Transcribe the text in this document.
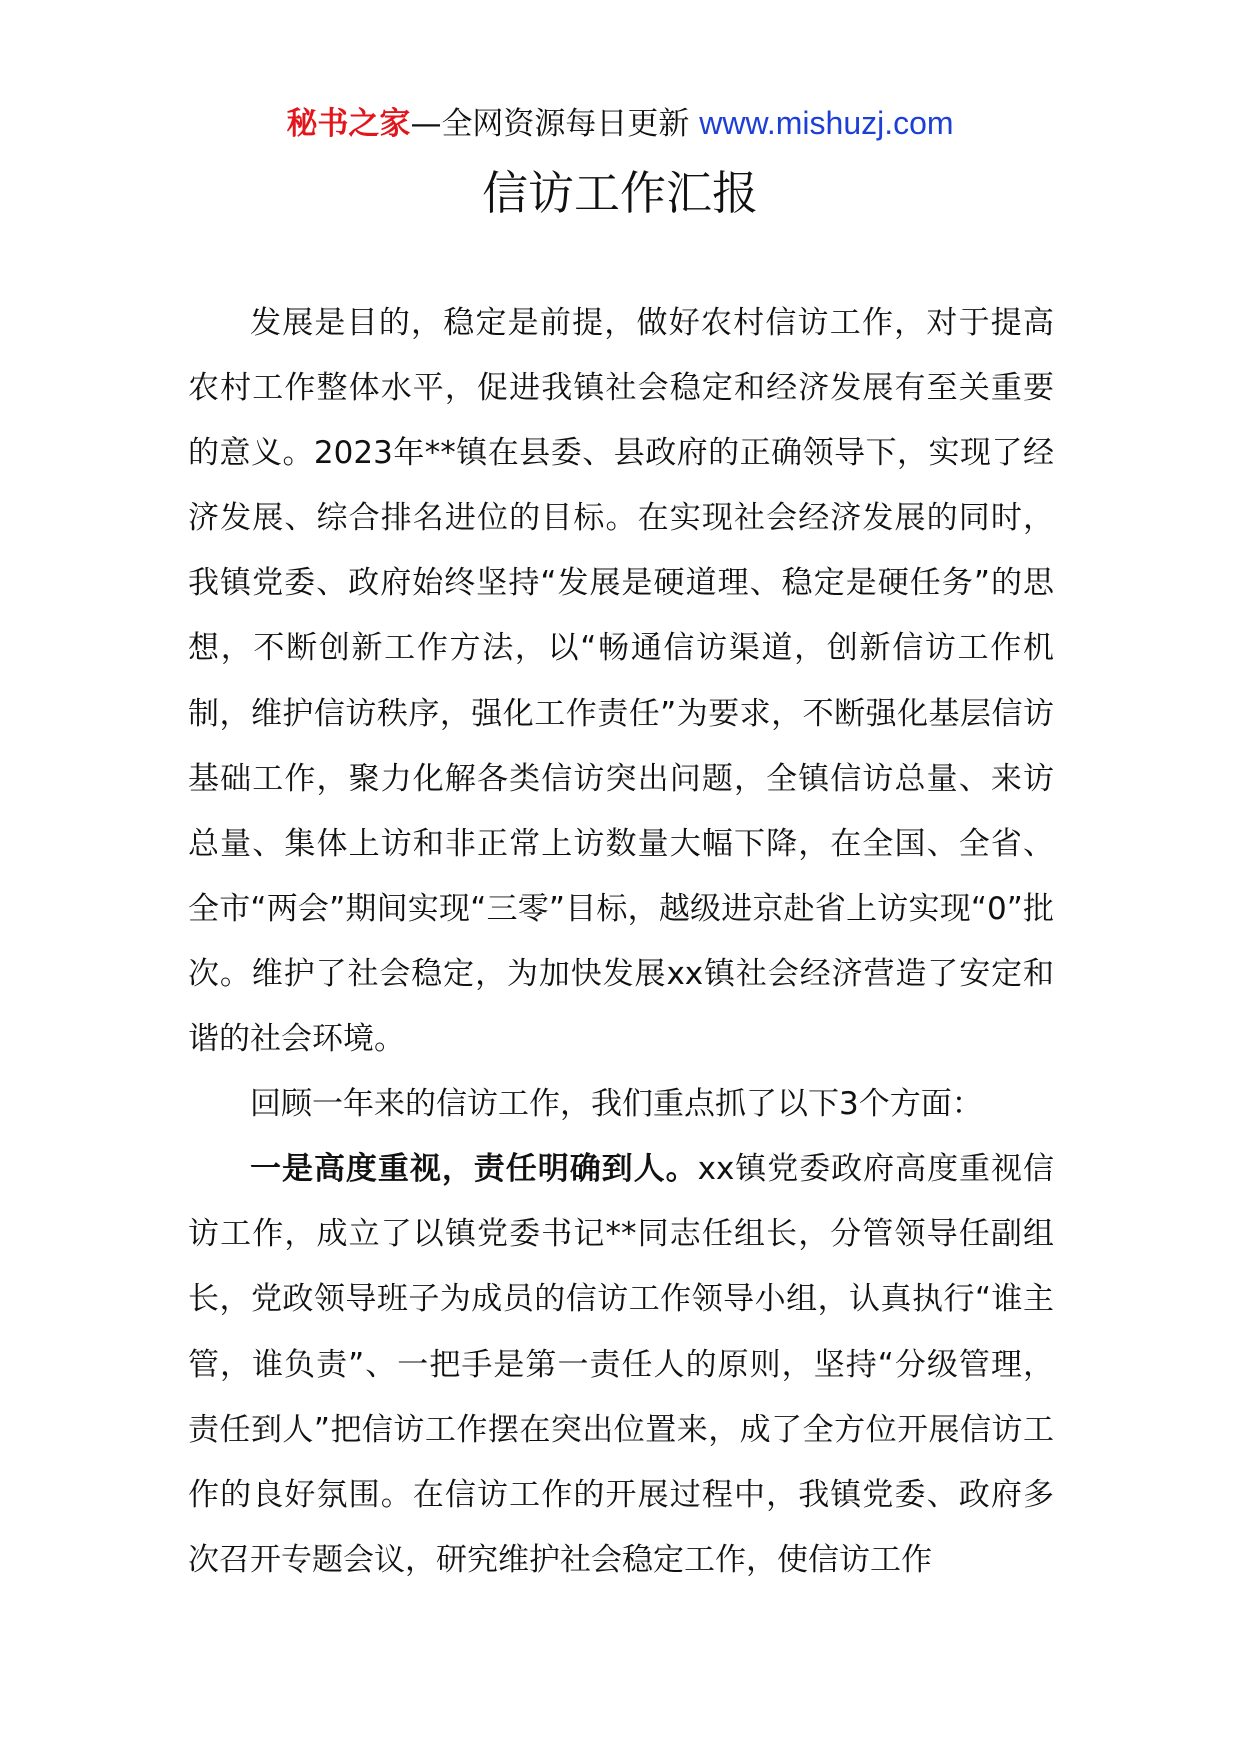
秘书之家—全网资源每日更新 www.mishuzj.com
信访工作汇报

发展是目的，稳定是前提，做好农村信访工作，对于提高农村工作整体水平，促进我镇社会稳定和经济发展有至关重要的意义。2023年**镇在县委、县政府的正确领导下，实现了经济发展、综合排名进位的目标。在实现社会经济发展的同时，我镇党委、政府始终坚持“发展是硬道理、稳定是硬任务”的思想，不断创新工作方法，以“畅通信访渠道，创新信访工作机制，维护信访秩序，强化工作责任”为要求，不断强化基层信访基础工作，聚力化解各类信访突出问题，全镇信访总量、来访总量、集体上访和非正常上访数量大幅下降，在全国、全省、全市“两会”期间实现“三零”目标，越级进京赴省上访实现“0”批次。维护了社会稳定，为加快发展xx镇社会经济营造了安定和谐的社会环境。

回顾一年来的信访工作，我们重点抓了以下3个方面：

一是高度重视，责任明确到人。xx镇党委政府高度重视信访工作，成立了以镇党委书记**同志任组长，分管领导任副组长，党政领导班子为成员的信访工作领导小组，认真执行“谁主管，谁负责”、一把手是第一责任人的原则，坚持“分级管理，责任到人”把信访工作摆在突出位置来，成了全方位开展信访工作的良好氛围。在信访工作的开展过程中，我镇党委、政府多次召开专题会议，研究维护社会稳定工作，使信访工作
